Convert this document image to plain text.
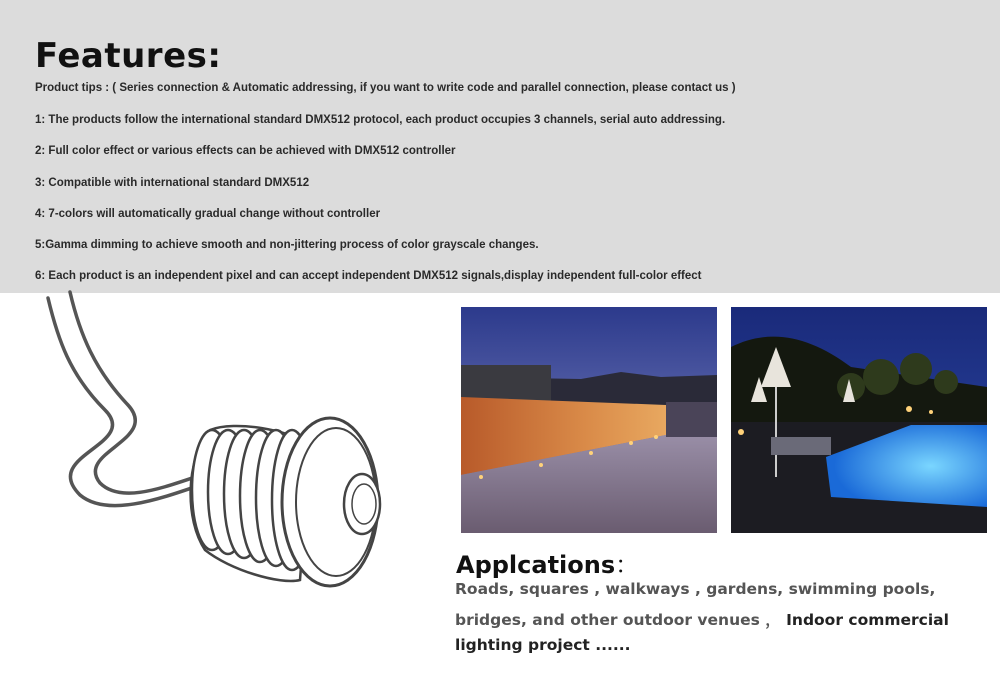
Features:

Product tips : ( Series connection & Automatic addressing, if you want to write code and parallel connection, please contact us )

1: The products follow the international standard DMX512 protocol, each product occupies 3 channels, serial auto addressing.

2: Full color effect or various effects can be achieved with DMX512 controller

3: Compatible with international standard DMX512

4: 7-colors will automatically gradual change without controller

5:Gamma dimming to achieve smooth and non-jittering process of color grayscale changes.

6: Each product is an independent pixel and can accept independent DMX512 signals,display independent full-color effect

Applcations：

Roads, squares , walkways , gardens, swimming pools,

bridges, and other outdoor venues ， Indoor commercial

lighting project ......
